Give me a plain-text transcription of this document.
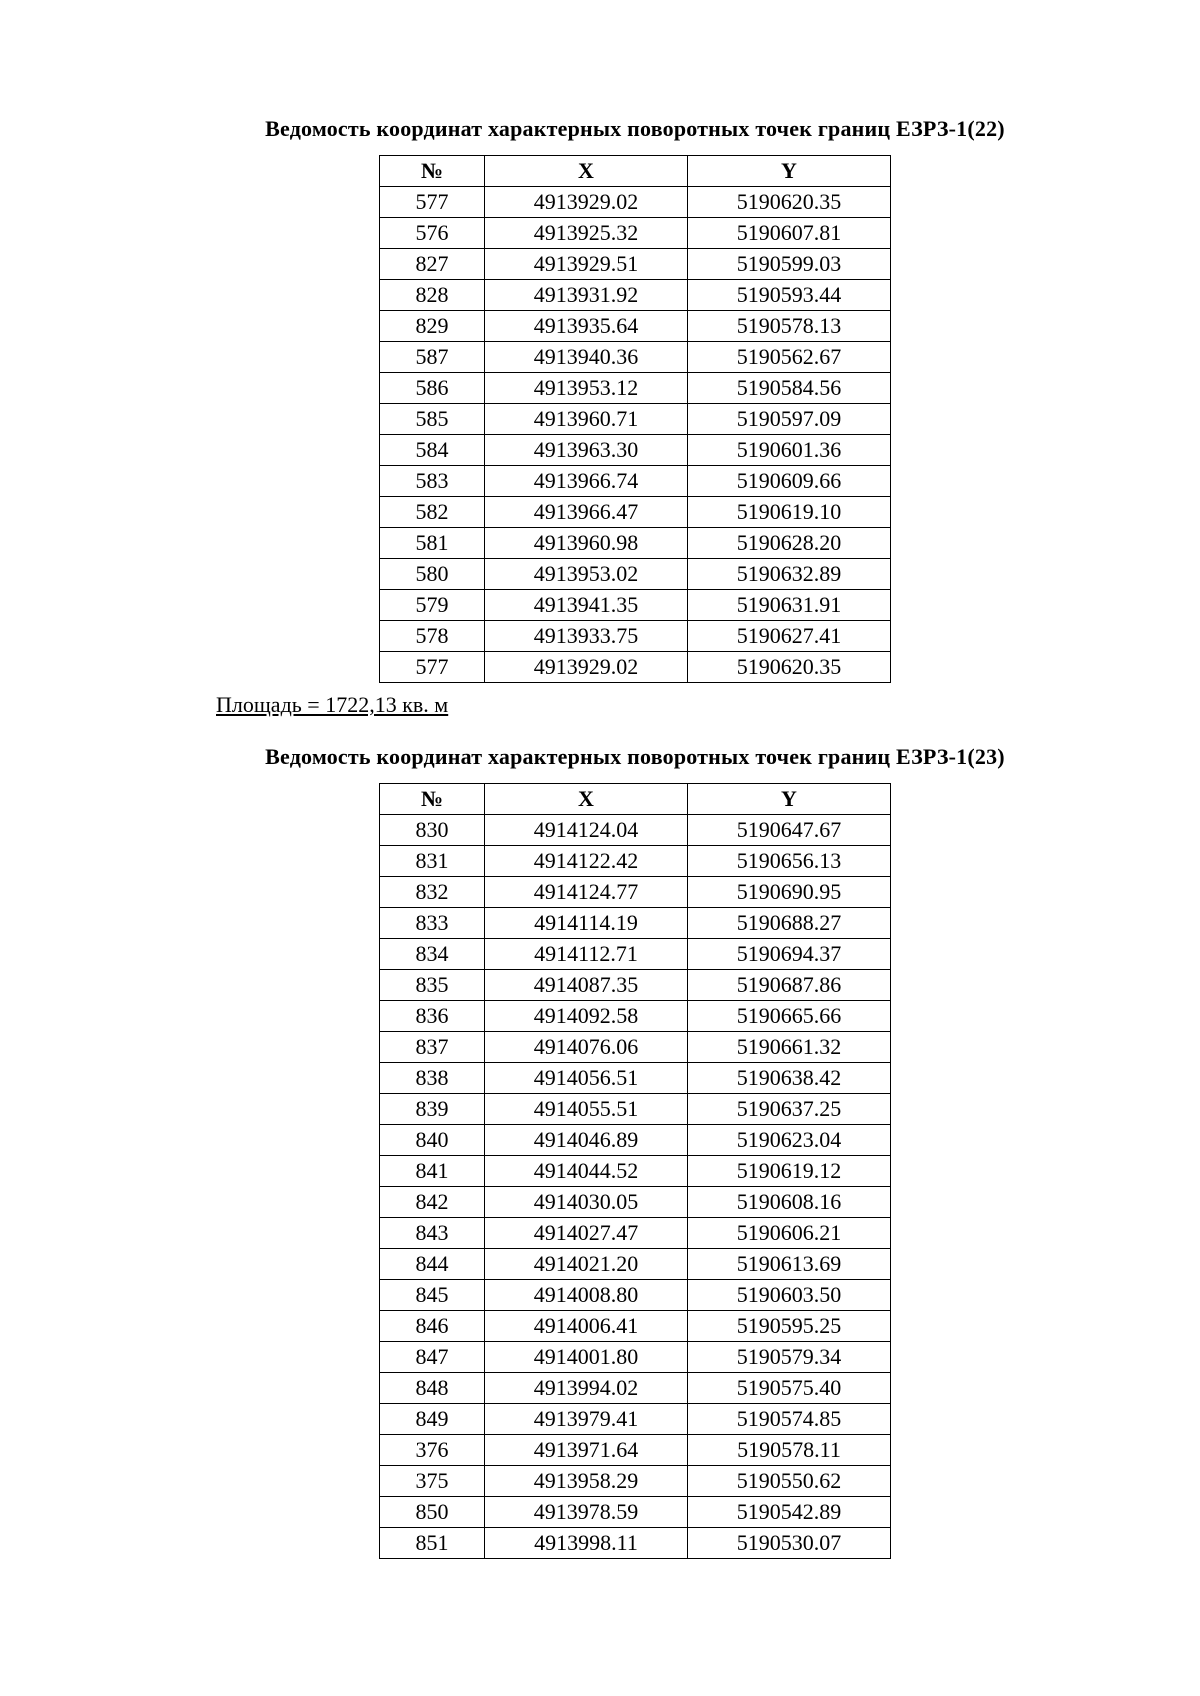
Ведомость координат характерных поворотных точек границ ЕЗРЗ-1(22)
№	X	Y
577	4913929.02	5190620.35
576	4913925.32	5190607.81
827	4913929.51	5190599.03
828	4913931.92	5190593.44
829	4913935.64	5190578.13
587	4913940.36	5190562.67
586	4913953.12	5190584.56
585	4913960.71	5190597.09
584	4913963.30	5190601.36
583	4913966.74	5190609.66
582	4913966.47	5190619.10
581	4913960.98	5190628.20
580	4913953.02	5190632.89
579	4913941.35	5190631.91
578	4913933.75	5190627.41
577	4913929.02	5190620.35
Площадь = 1722,13 кв. м
Ведомость координат характерных поворотных точек границ ЕЗРЗ-1(23)
№	X	Y
830	4914124.04	5190647.67
831	4914122.42	5190656.13
832	4914124.77	5190690.95
833	4914114.19	5190688.27
834	4914112.71	5190694.37
835	4914087.35	5190687.86
836	4914092.58	5190665.66
837	4914076.06	5190661.32
838	4914056.51	5190638.42
839	4914055.51	5190637.25
840	4914046.89	5190623.04
841	4914044.52	5190619.12
842	4914030.05	5190608.16
843	4914027.47	5190606.21
844	4914021.20	5190613.69
845	4914008.80	5190603.50
846	4914006.41	5190595.25
847	4914001.80	5190579.34
848	4913994.02	5190575.40
849	4913979.41	5190574.85
376	4913971.64	5190578.11
375	4913958.29	5190550.62
850	4913978.59	5190542.89
851	4913998.11	5190530.07
